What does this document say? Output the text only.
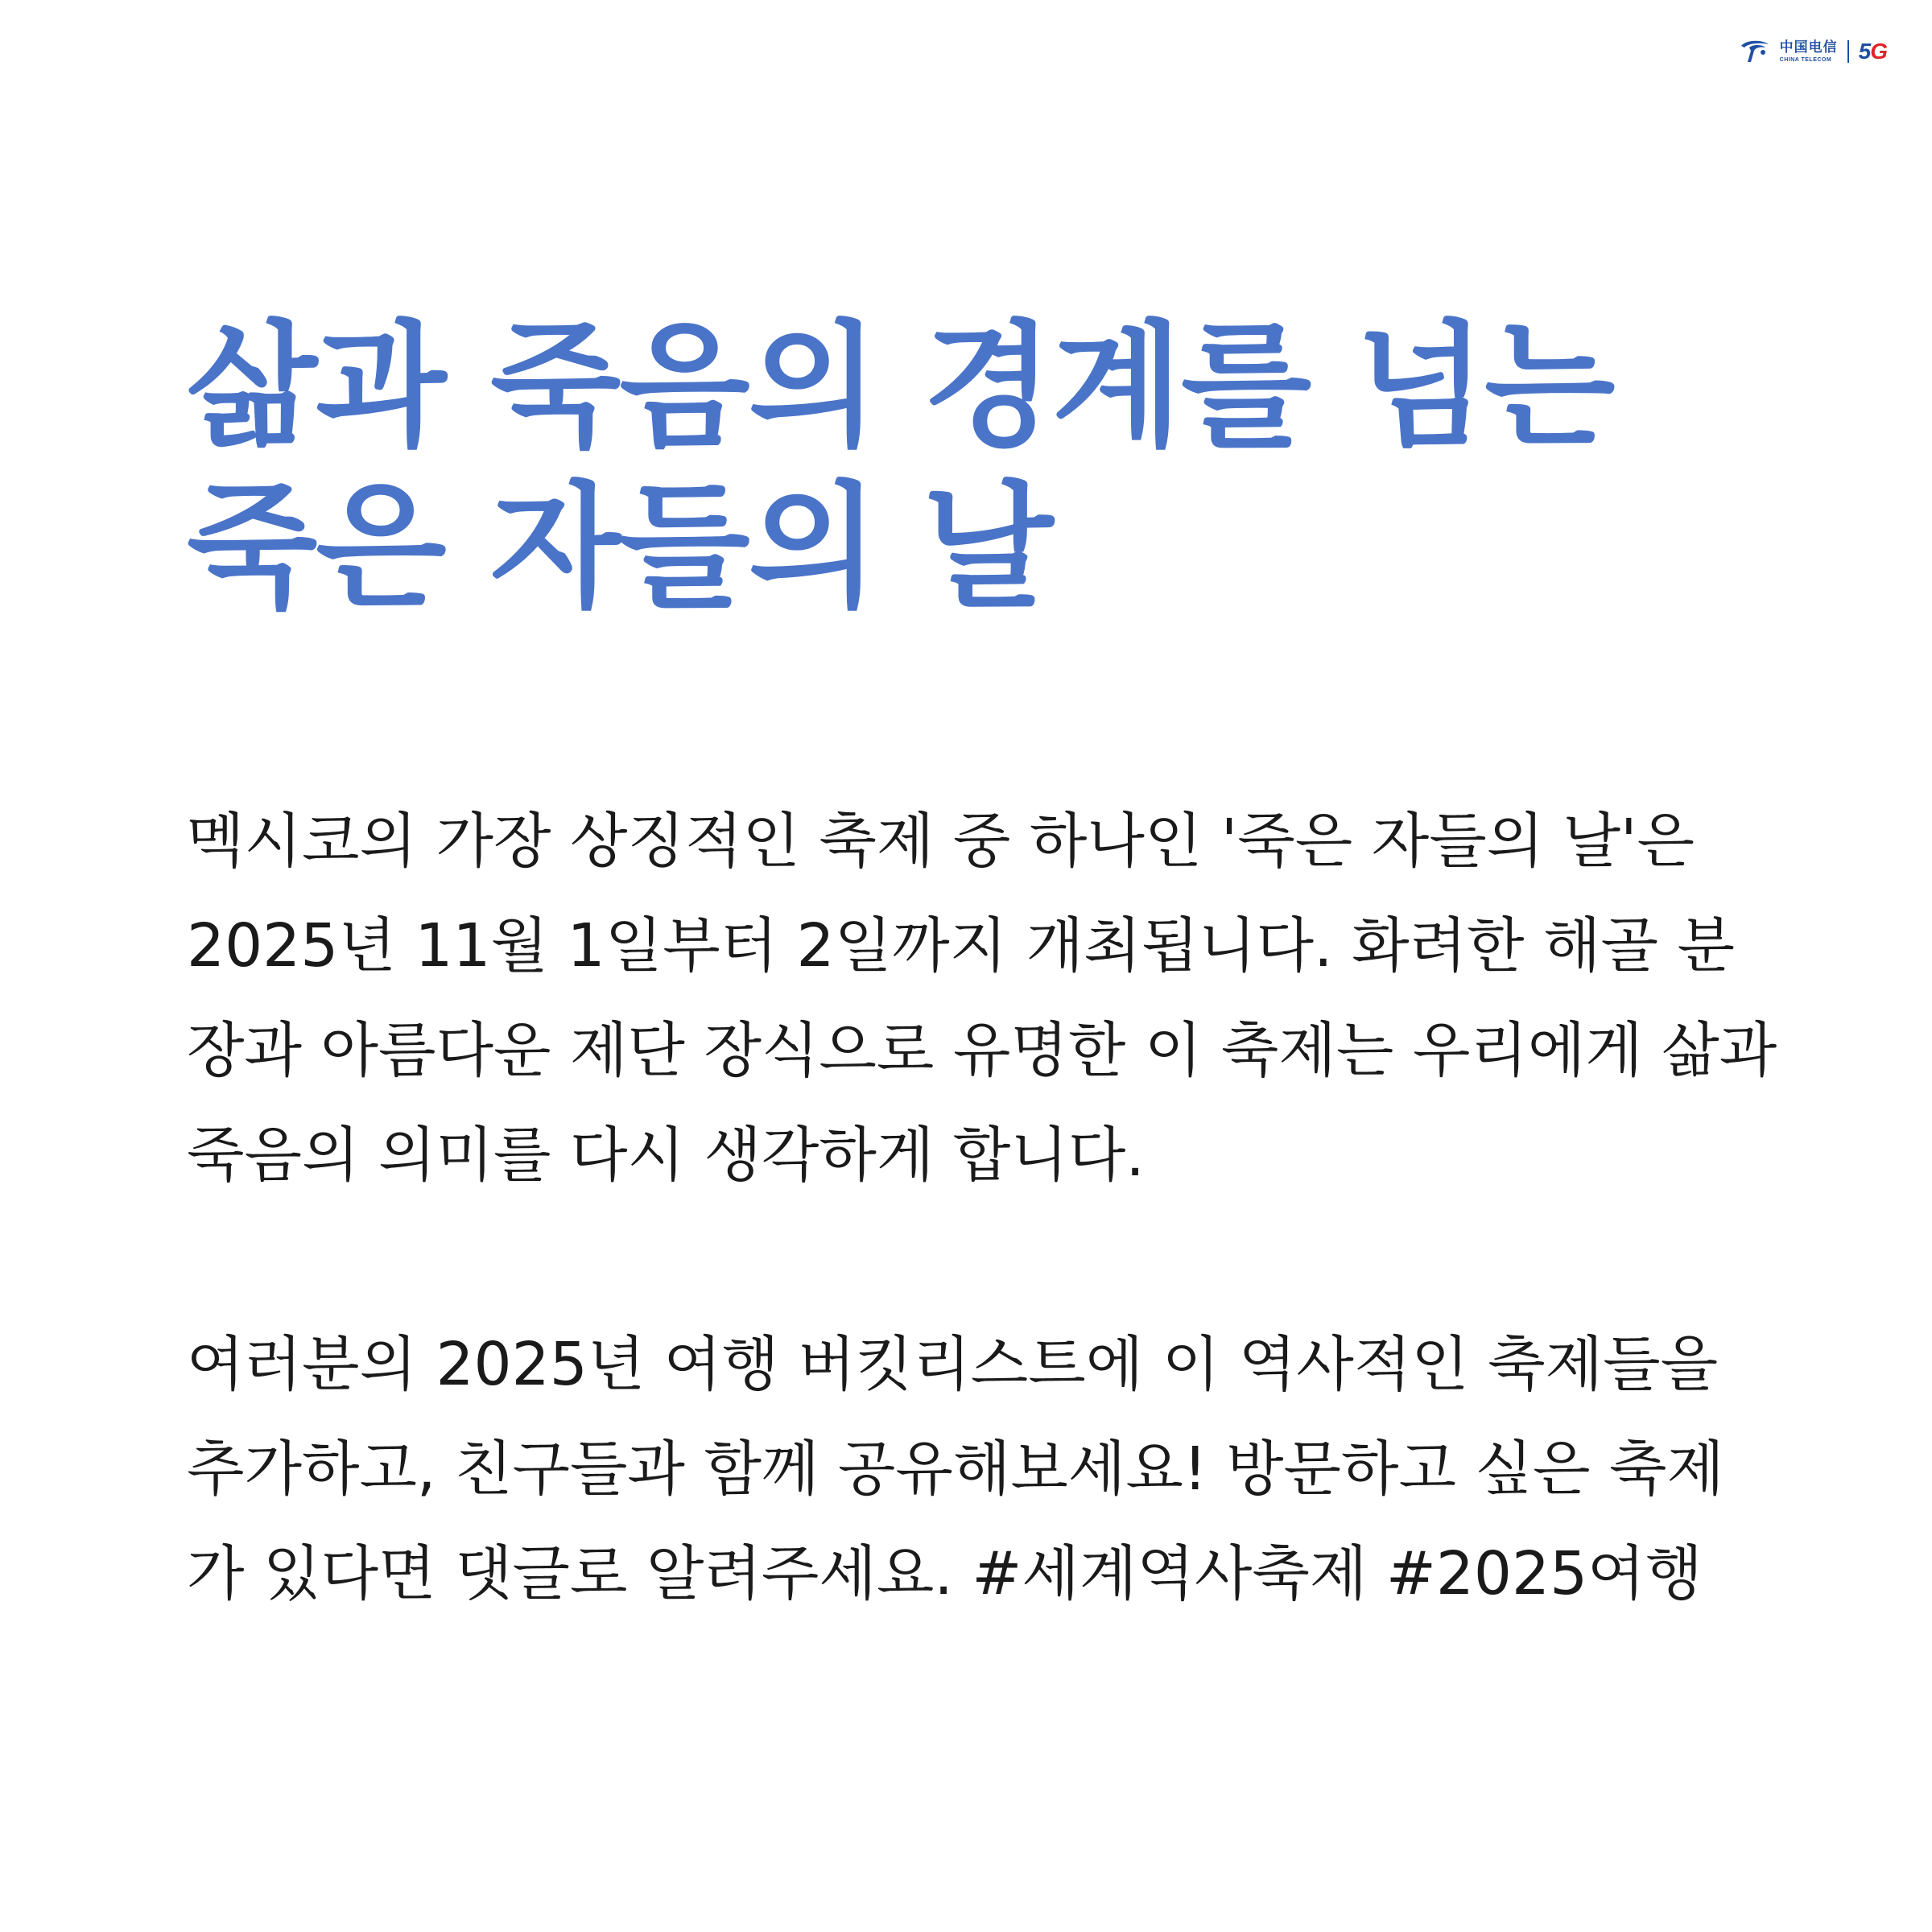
中国电信
CHINA TELECOM 5G
삶과 죽음의 경계를 넘는 죽은 자들의 날

멕시코의 가장 상징적인 축제 중 하나인 '죽은 자들의 날'은 2025년 11월 1일부터 2일까지 개최됩니다. 화려한 해골 분장과 아름다운 제단 장식으로 유명한 이 축제는 우리에게 삶과 죽음의 의미를 다시 생각하게 합니다.

여러분의 2025년 여행 버킷리스트에 이 역사적인 축제들을 추가하고, 친구들과 함께 공유해보세요! 방문하고 싶은 축제가 있다면 댓글로 알려주세요. #세계역사축제 #2025여행
